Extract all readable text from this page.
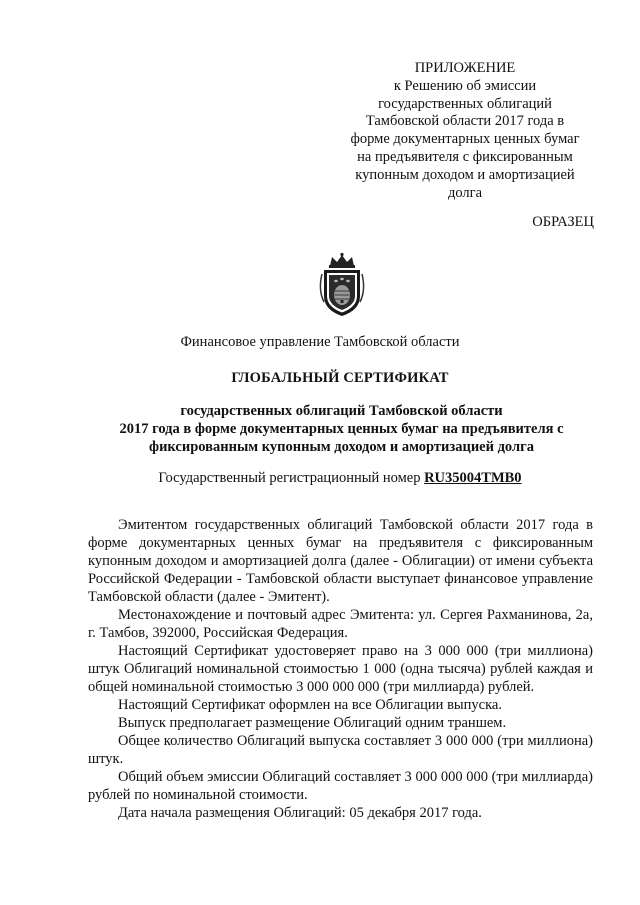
ПРИЛОЖЕНИЕ
к Решению об эмиссии
государственных облигаций
Тамбовской области 2017 года в
форме документарных ценных бумаг
на предъявителя с фиксированным
купонным доходом и амортизацией
долга
ОБРАЗЕЦ
Финансовое управление Тамбовской области
ГЛОБАЛЬНЫЙ СЕРТИФИКАТ
государственных облигаций Тамбовской области
2017 года в форме документарных ценных бумаг на предъявителя с
фиксированным купонным доходом и амортизацией долга
Государственный регистрационный номер RU35004TMB0

Эмитентом государственных облигаций Тамбовской области 2017 года в форме документарных ценных бумаг на предъявителя с фиксированным купонным доходом и амортизацией долга (далее - Облигации) от имени субъекта Российской Федерации - Тамбовской области выступает финансовое управление Тамбовской области (далее - Эмитент).

Местонахождение и почтовый адрес Эмитента: ул. Сергея Рахманинова, 2а, г. Тамбов, 392000, Российская Федерация.

Настоящий Сертификат удостоверяет право на 3 000 000 (три миллиона) штук Облигаций номинальной стоимостью 1 000 (одна тысяча) рублей каждая и общей номинальной стоимостью 3 000 000 000 (три миллиарда) рублей.

Настоящий Сертификат оформлен на все Облигации выпуска.

Выпуск предполагает размещение Облигаций одним траншем.

Общее количество Облигаций выпуска составляет 3 000 000 (три миллиона) штук.

Общий объем эмиссии Облигаций составляет 3 000 000 000 (три миллиарда) рублей по номинальной стоимости.

Дата начала размещения Облигаций: 05 декабря 2017 года.
